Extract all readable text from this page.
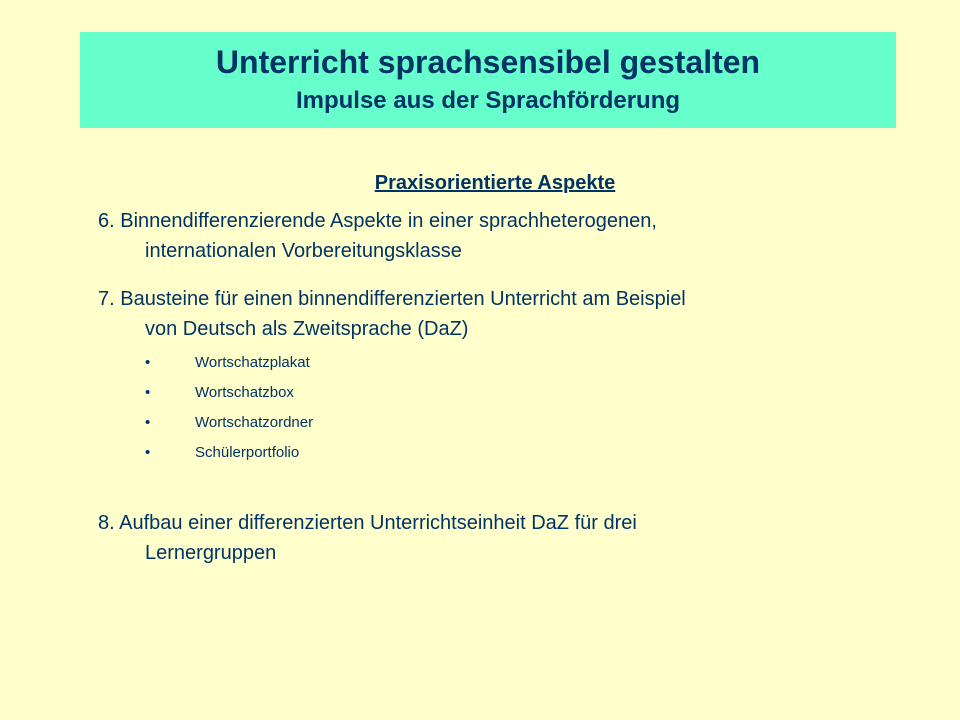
Unterricht sprachsensibel gestalten
Impulse aus der Sprachförderung
Praxisorientierte Aspekte
6. Binnendifferenzierende Aspekte in einer sprachheterogenen,
internationalen Vorbereitungsklasse
7. Bausteine für einen binnendifferenzierten Unterricht am Beispiel
von Deutsch als Zweitsprache (DaZ)
•	Wortschatzplakat
•	Wortschatzbox
•	Wortschatzordner
•	Schülerportfolio
8. Aufbau einer differenzierten Unterrichtseinheit DaZ für drei
Lernergruppen
